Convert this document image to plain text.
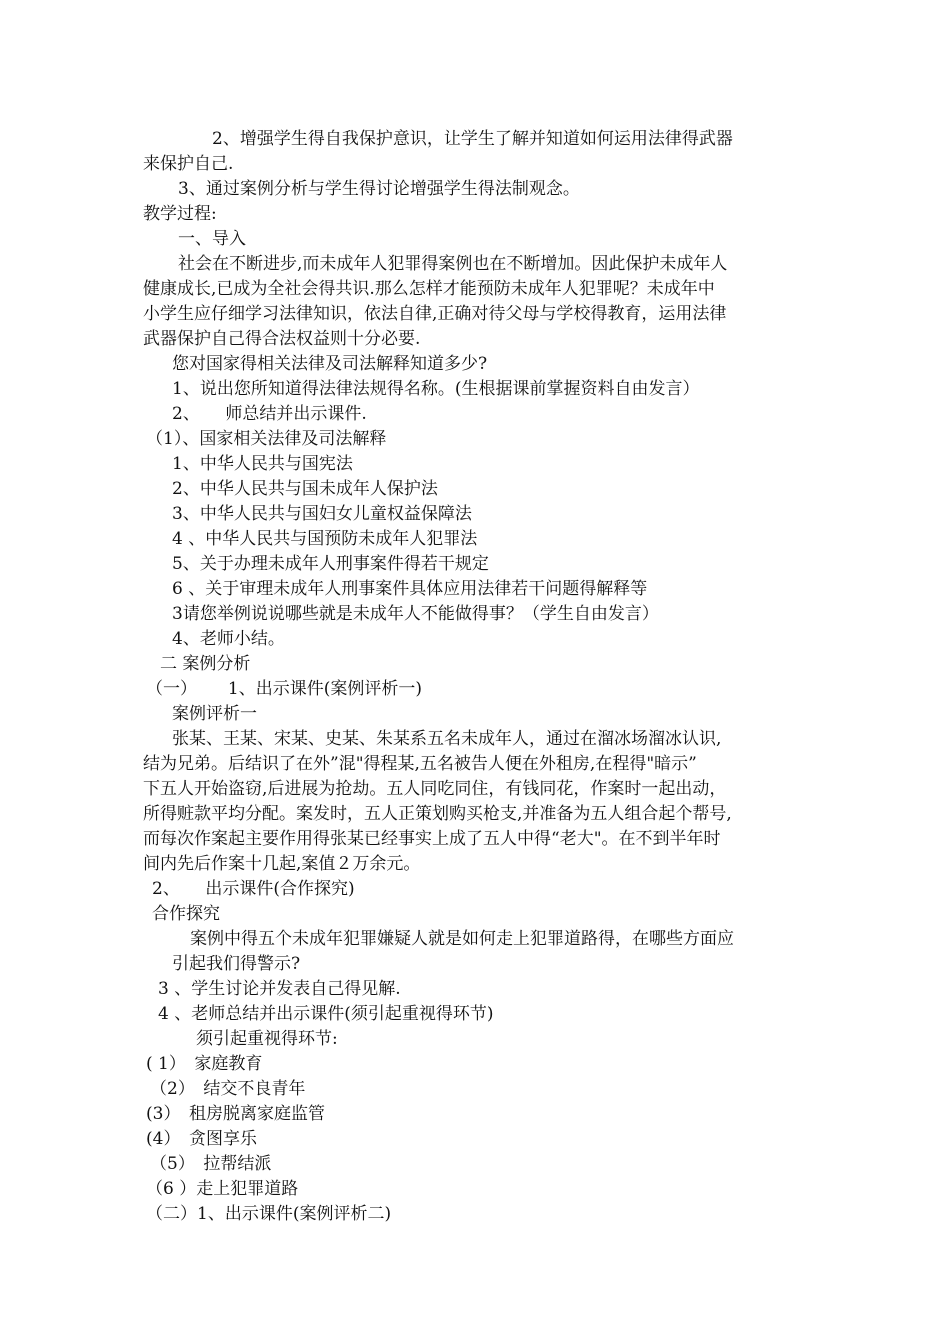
2、增强学生得自我保护意识，让学生了解并知道如何运用法律得武器
来保护自己.
3、通过案例分析与学生得讨论增强学生得法制观念。
教学过程:
一、导入
社会在不断进步,而未成年人犯罪得案例也在不断增加。因此保护未成年人
健康成长,已成为全社会得共识.那么怎样才能预防未成年人犯罪呢？未成年中
小学生应仔细学习法律知识，依法自律,正确对待父母与学校得教育，运用法律
武器保护自己得合法权益则十分必要.
您对国家得相关法律及司法解释知道多少?
1、说出您所知道得法律法规得名称。(生根据课前掌握资料自由发言）
2、　　师总结并出示课件.
（1）、国家相关法律及司法解释
1、中华人民共与国宪法
2、中华人民共与国未成年人保护法
3、中华人民共与国妇女儿童权益保障法
4 、中华人民共与国预防未成年人犯罪法
5、关于办理未成年人刑事案件得若干规定
6 、关于审理未成年人刑事案件具体应用法律若干问题得解释等
3请您举例说说哪些就是未成年人不能做得事？（学生自由发言）
4、老师小结。
二 案例分析
（一）　　 1、出示课件(案例评析一)
案例评析一
张某、王某、宋某、史某、朱某系五名未成年人，通过在溜冰场溜冰认识,
结为兄弟。后结识了在外”混"得程某,五名被告人便在外租房,在程得"暗示”
下五人开始盗窃,后进展为抢劫。五人同吃同住，有钱同花，作案时一起出动，
所得赃款平均分配。案发时，五人正策划购买枪支,并准备为五人组合起个帮号,
而每次作案起主要作用得张某已经事实上成了五人中得“老大"。在不到半年时
间内先后作案十几起,案值２万余元。
2、　　出示课件(合作探究)
合作探究
案例中得五个未成年犯罪嫌疑人就是如何走上犯罪道路得，在哪些方面应
引起我们得警示?
3 、学生讨论并发表自己得见解.
4 、老师总结并出示课件(须引起重视得环节)
须引起重视得环节:
( 1）　家庭教育
（2）　结交不良青年
(3）　租房脱离家庭监管
(4）　贪图享乐
（5）　拉帮结派
（6 ）走上犯罪道路
（二）1、出示课件(案例评析二)
